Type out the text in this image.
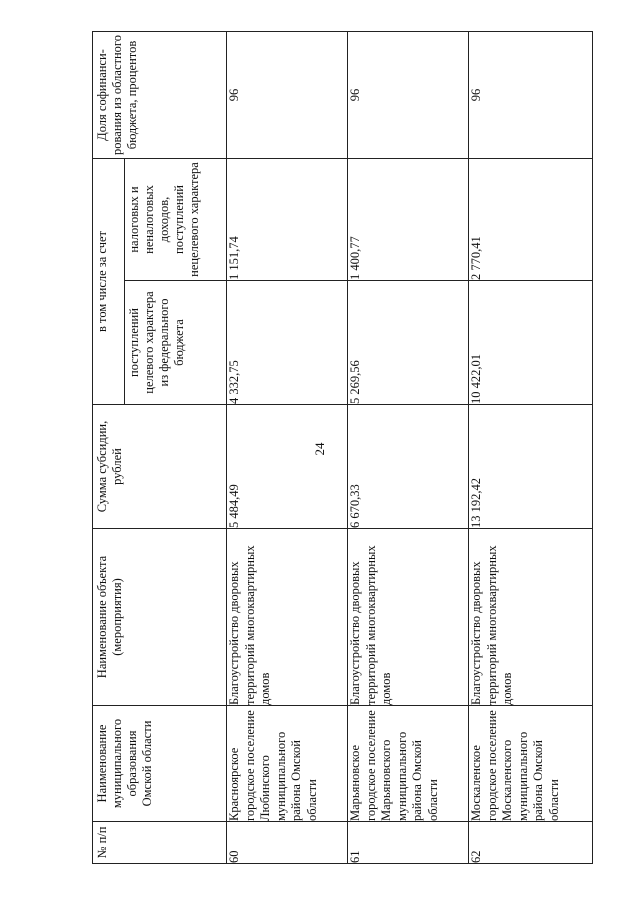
24
№ п/п	Наименование муниципального образования Омской области	Наименование объекта (мероприятия)	Сумма субсидии, рублей	в том числе за счет		Доля софинанси-рования из областного бюджета, процентов

				поступлений целевого характера из федерального бюджета	налоговых и неналоговых доходов, поступлений нецелевого характера	

60	Красноярское городское поселение Любинского муниципального района Омской области	Благоустройство дворовых территорий многоквартирных домов	5 484,49	4 332,75	1 151,74	96
61	Марьяновское городское поселение Марьяновского муниципального района Омской области	Благоустройство дворовых территорий многоквартирных домов	6 670,33	5 269,56	1 400,77	96
62	Москаленское городское поселение Москаленского муниципального района Омской области	Благоустройство дворовых территорий многоквартирных домов	13 192,42	10 422,01	2 770,41	96
